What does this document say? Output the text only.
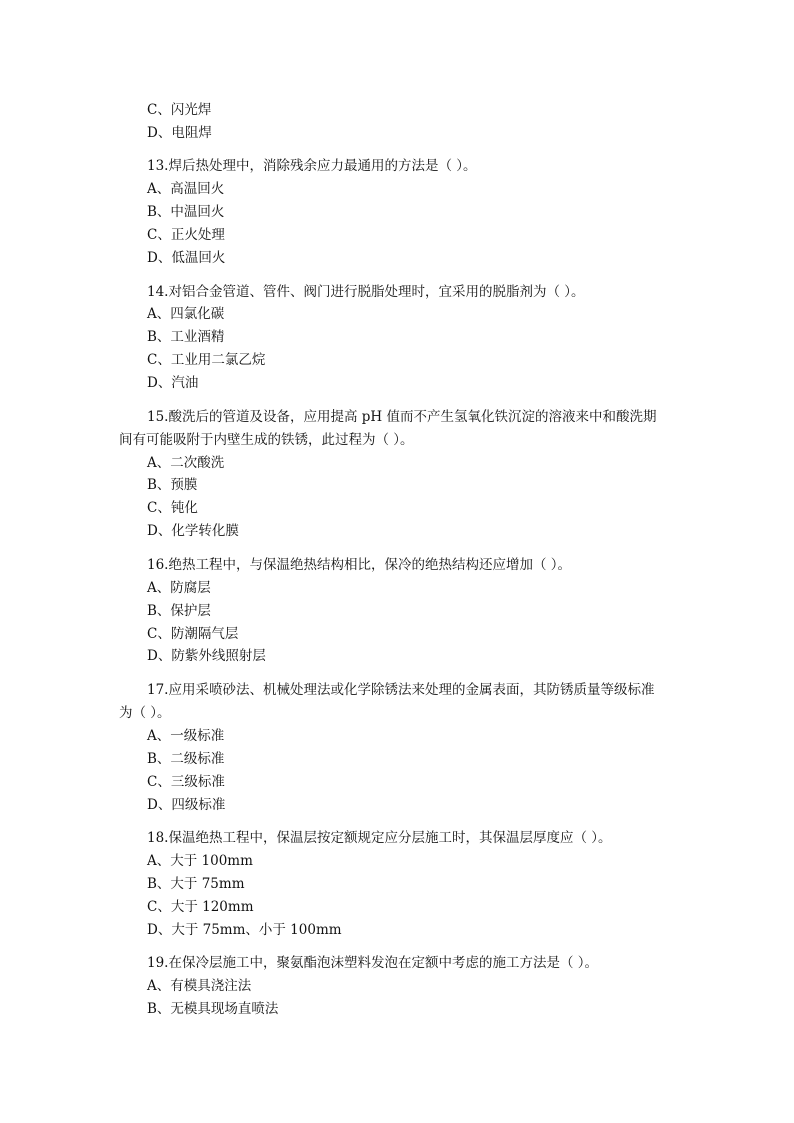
C、闪光焊
D、电阻焊
13.焊后热处理中，消除残余应力最通用的方法是（ ）。
A、高温回火
B、中温回火
C、正火处理
D、低温回火
14.对铝合金管道、管件、阀门进行脱脂处理时，宜采用的脱脂剂为（ ）。
A、四氯化碳
B、工业酒精
C、工业用二氯乙烷
D、汽油
15.酸洗后的管道及设备，应用提高 pH 值而不产生氢氧化铁沉淀的溶液来中和酸洗期
间有可能吸附于内壁生成的铁锈，此过程为（ ）。
A、二次酸洗
B、预膜
C、钝化
D、化学转化膜
16.绝热工程中，与保温绝热结构相比，保冷的绝热结构还应增加（ ）。
A、防腐层
B、保护层
C、防潮隔气层
D、防紫外线照射层
17.应用采喷砂法、机械处理法或化学除锈法来处理的金属表面，其防锈质量等级标准
为（ ）。
A、一级标准
B、二级标准
C、三级标准
D、四级标准
18.保温绝热工程中，保温层按定额规定应分层施工时，其保温层厚度应（ ）。
A、大于 100mm
B、大于 75mm
C、大于 120mm
D、大于 75mm、小于 100mm
19.在保冷层施工中，聚氨酯泡沫塑料发泡在定额中考虑的施工方法是（ ）。
A、有模具浇注法
B、无模具现场直喷法
